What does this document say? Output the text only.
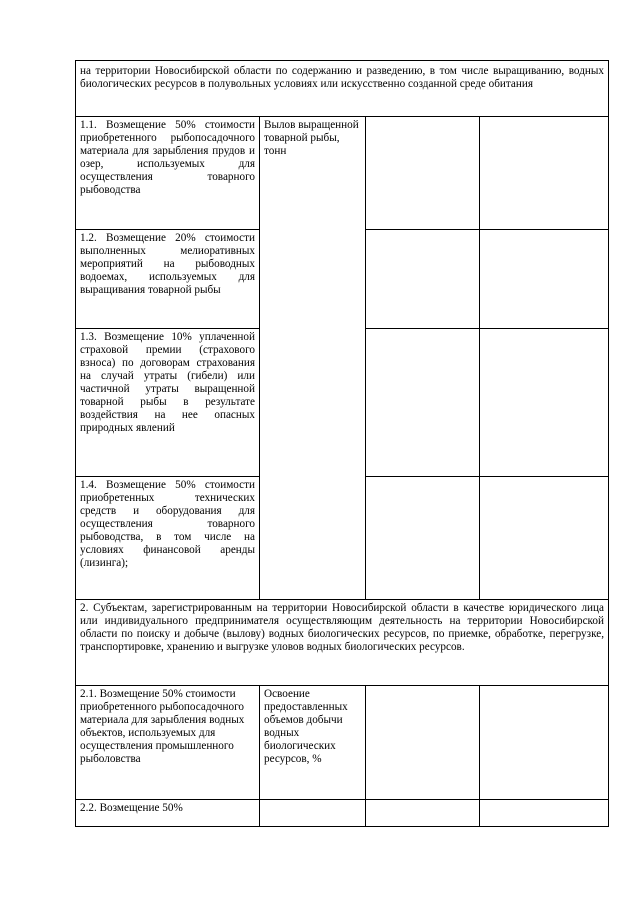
на территории Новосибирской области по содержанию и разведению, в том числе выращиванию, водных биологических ресурсов в полувольных условиях или искусственно созданной среде обитания			
1.1. Возмещение 50% стоимости приобретенного рыбопосадочного материала для зарыбления прудов и озер, используемых для осуществления товарного рыбоводства	Вылов выращенной товарной рыбы, тонн		
1.2. Возмещение 20% стоимости выполненных мелиоративных мероприятий на рыбоводных водоемах, используемых для выращивания товарной рыбы			
1.3. Возмещение 10% уплаченной страховой премии (страхового взноса) по договорам страхования на случай утраты (гибели) или частичной утраты выращенной товарной рыбы в результате воздействия на нее опасных природных явлений			
1.4. Возмещение 50% стоимости приобретенных технических средств и оборудования для осуществления товарного рыбоводства, в том числе на условиях финансовой аренды (лизинга);			
2. Субъектам, зарегистрированным на территории Новосибирской области в качестве юридического лица или индивидуального предпринимателя осуществляющим деятельность на территории Новосибирской области по поиску и добыче (вылову) водных биологических ресурсов, по приемке, обработке, перегрузке, транспортировке, хранению и выгрузке уловов водных биологических ресурсов.			
2.1. Возмещение 50% стоимости приобретенного рыбопосадочного материала для зарыбления водных объектов, используемых для осуществления промышленного рыболовства	Освоение предоставленных объемов добычи водных биологических ресурсов, %		
2.2. Возмещение 50%			
